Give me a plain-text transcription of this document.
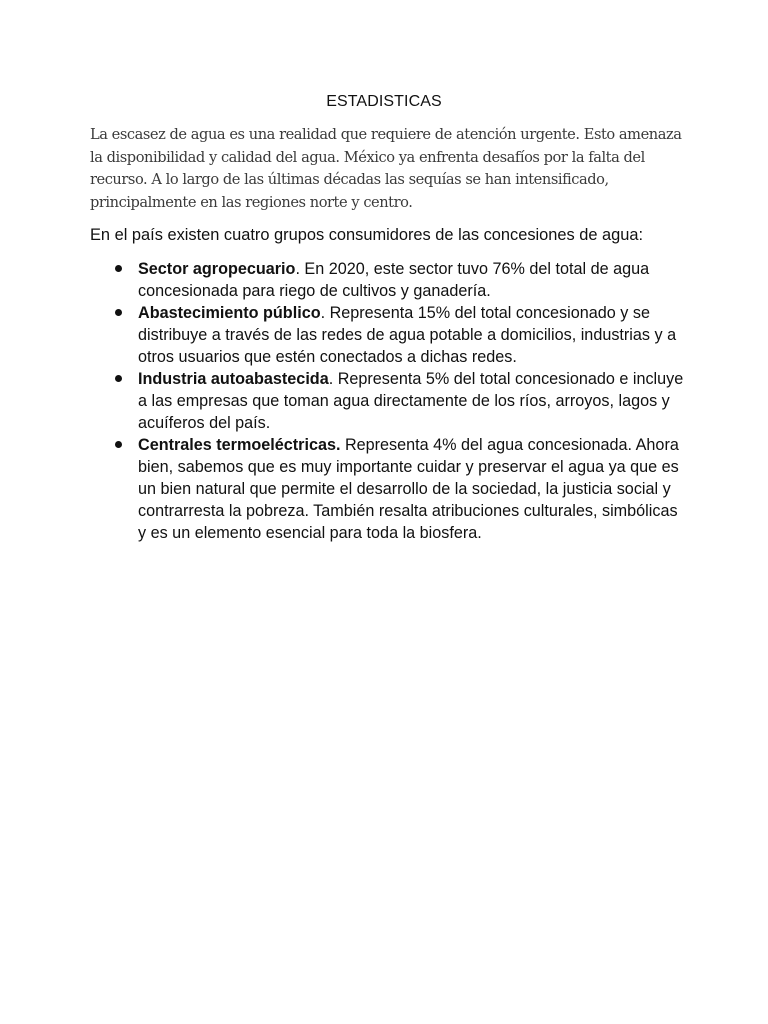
ESTADISTICAS

La escasez de agua es una realidad que requiere de atención urgente. Esto amenaza la disponibilidad y calidad del agua. México ya enfrenta desafíos por la falta del recurso. A lo largo de las últimas décadas las sequías se han intensificado, principalmente en las regiones norte y centro.

En el país existen cuatro grupos consumidores de las concesiones de agua:

Sector agropecuario. En 2020, este sector tuvo 76% del total de agua concesionada para riego de cultivos y ganadería.
Abastecimiento público. Representa 15% del total concesionado y se distribuye a través de las redes de agua potable a domicilios, industrias y a otros usuarios que estén conectados a dichas redes.
Industria autoabastecida. Representa 5% del total concesionado e incluye a las empresas que toman agua directamente de los ríos, arroyos, lagos y acuíferos del país.
Centrales termoeléctricas. Representa 4% del agua concesionada. Ahora bien, sabemos que es muy importante cuidar y preservar el agua ya que es un bien natural que permite el desarrollo de la sociedad, la justicia social y contrarresta la pobreza. También resalta atribuciones culturales, simbólicas y es un elemento esencial para toda la biosfera.
